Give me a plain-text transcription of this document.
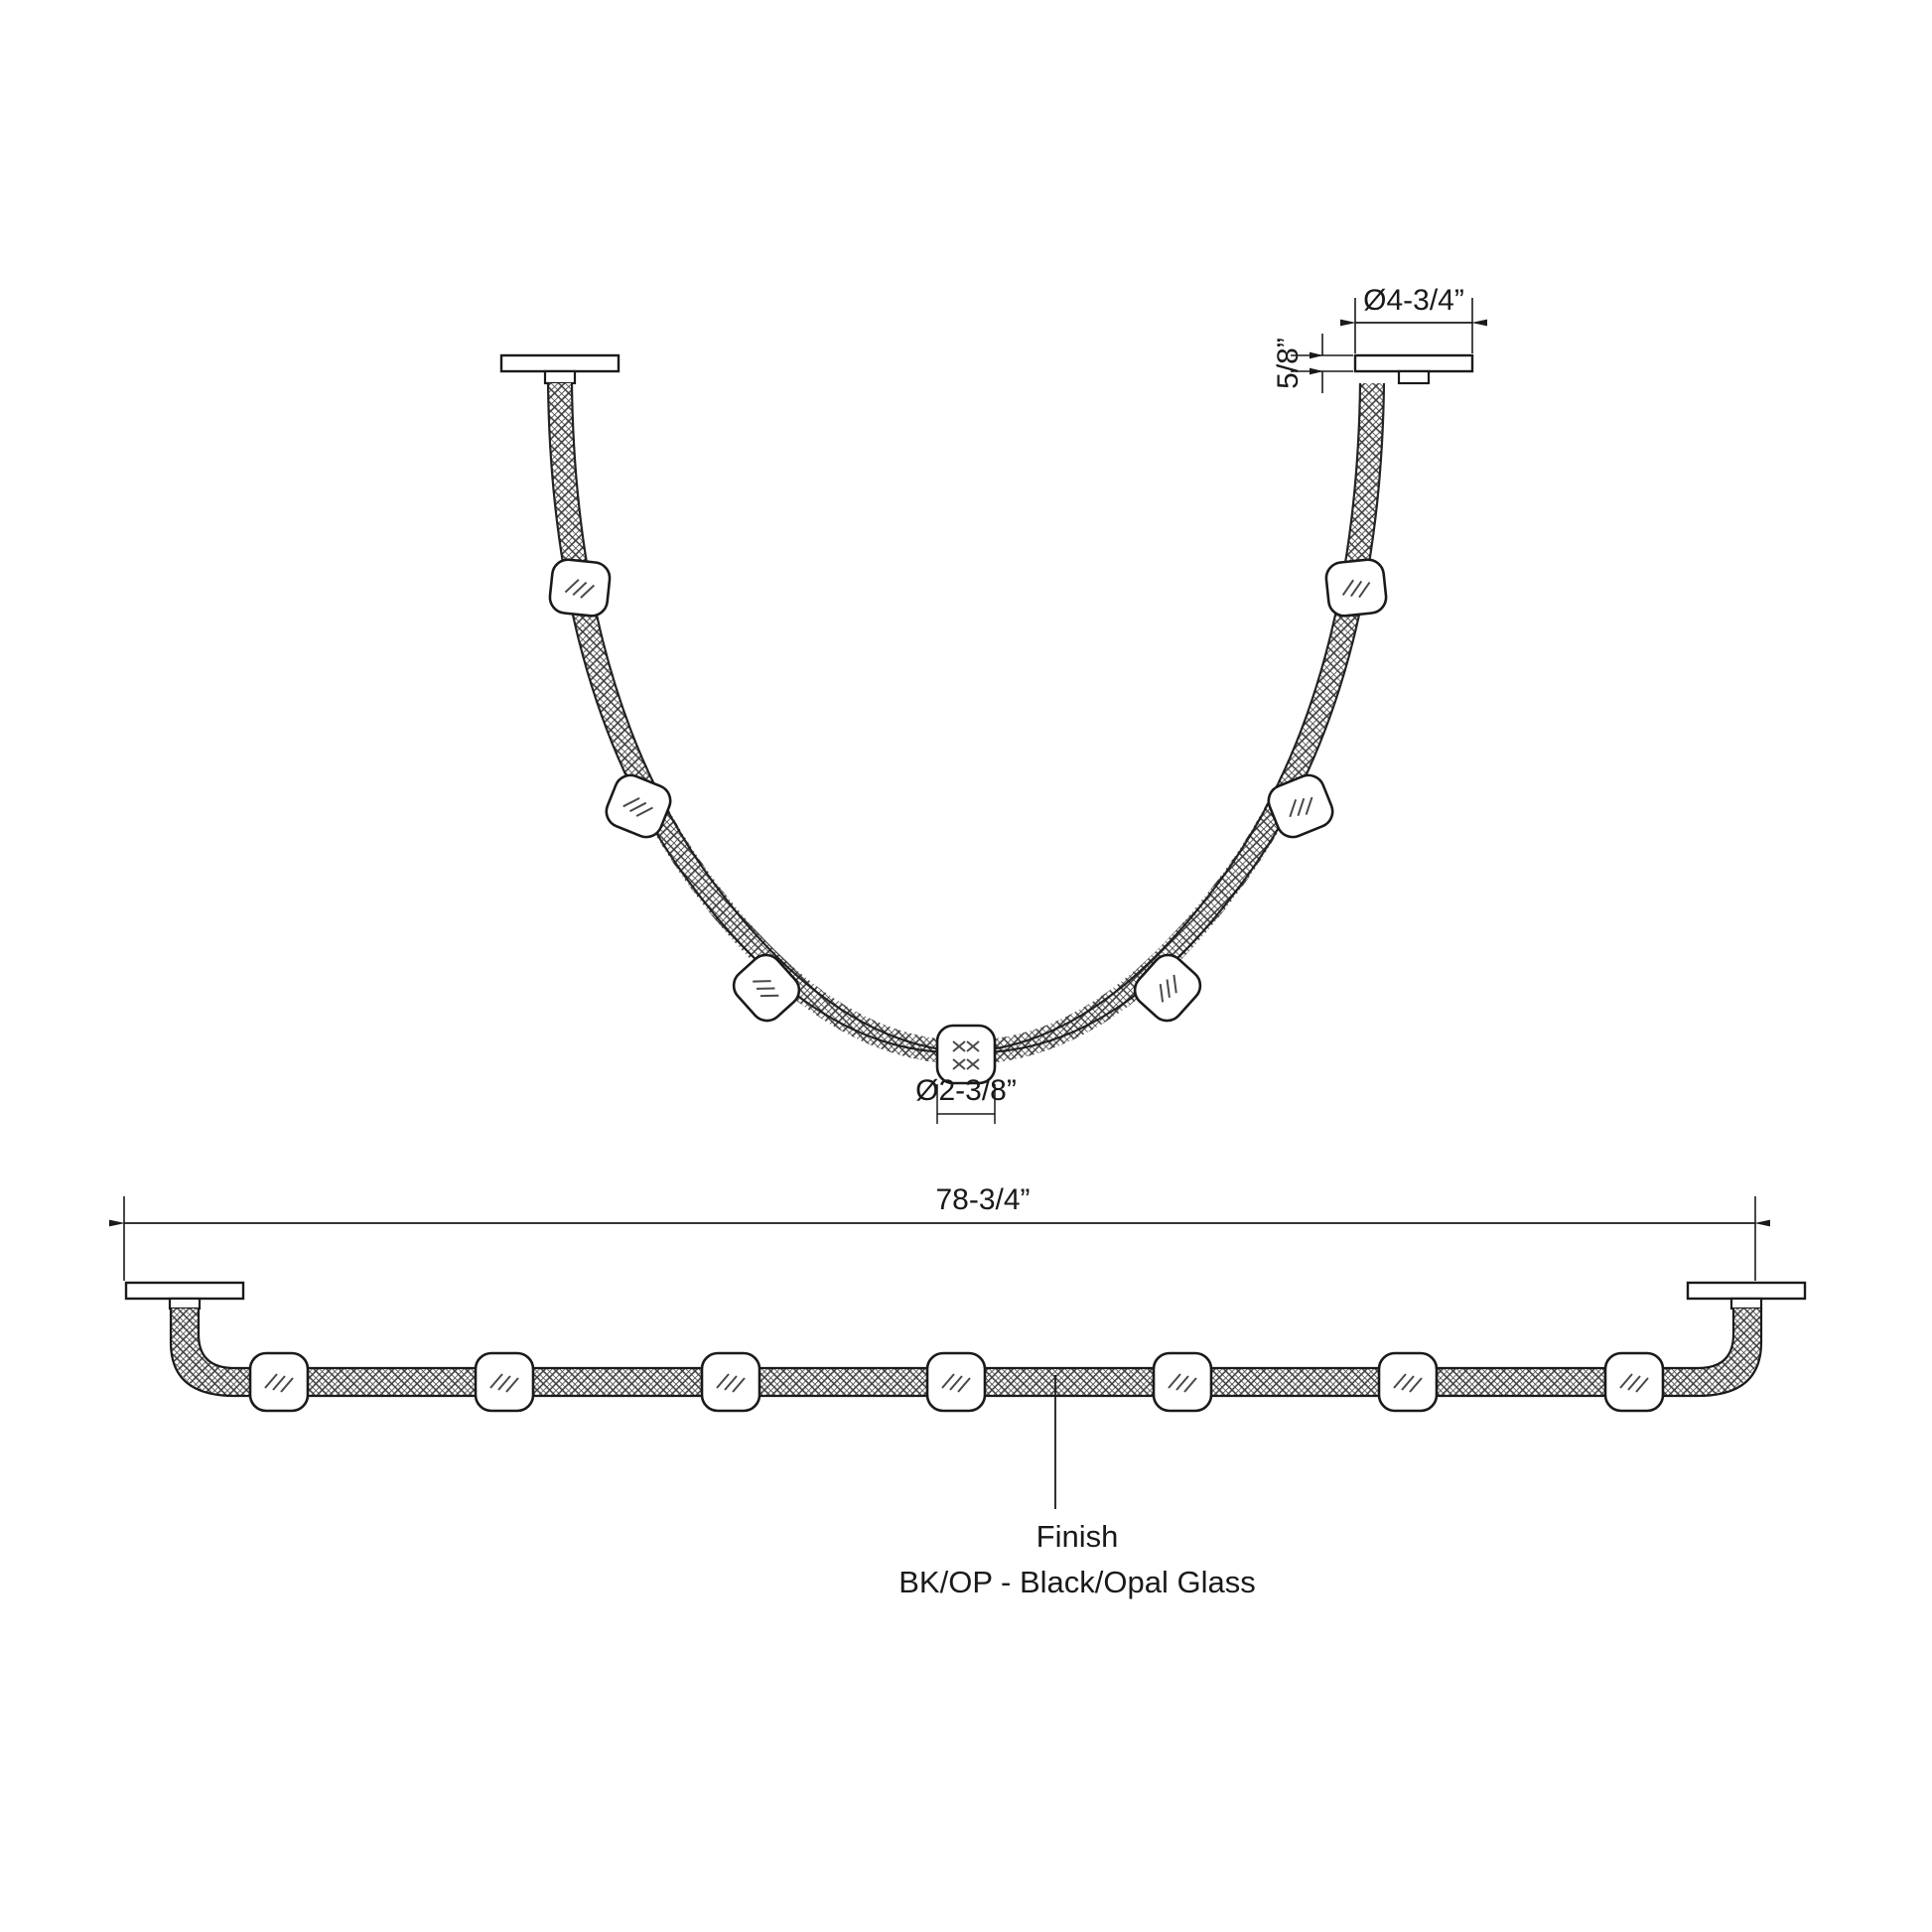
Ø4-3/4”
5/8”
Ø2-3/8”
78-3/4”
Finish
BK/OP - Black/Opal Glass
